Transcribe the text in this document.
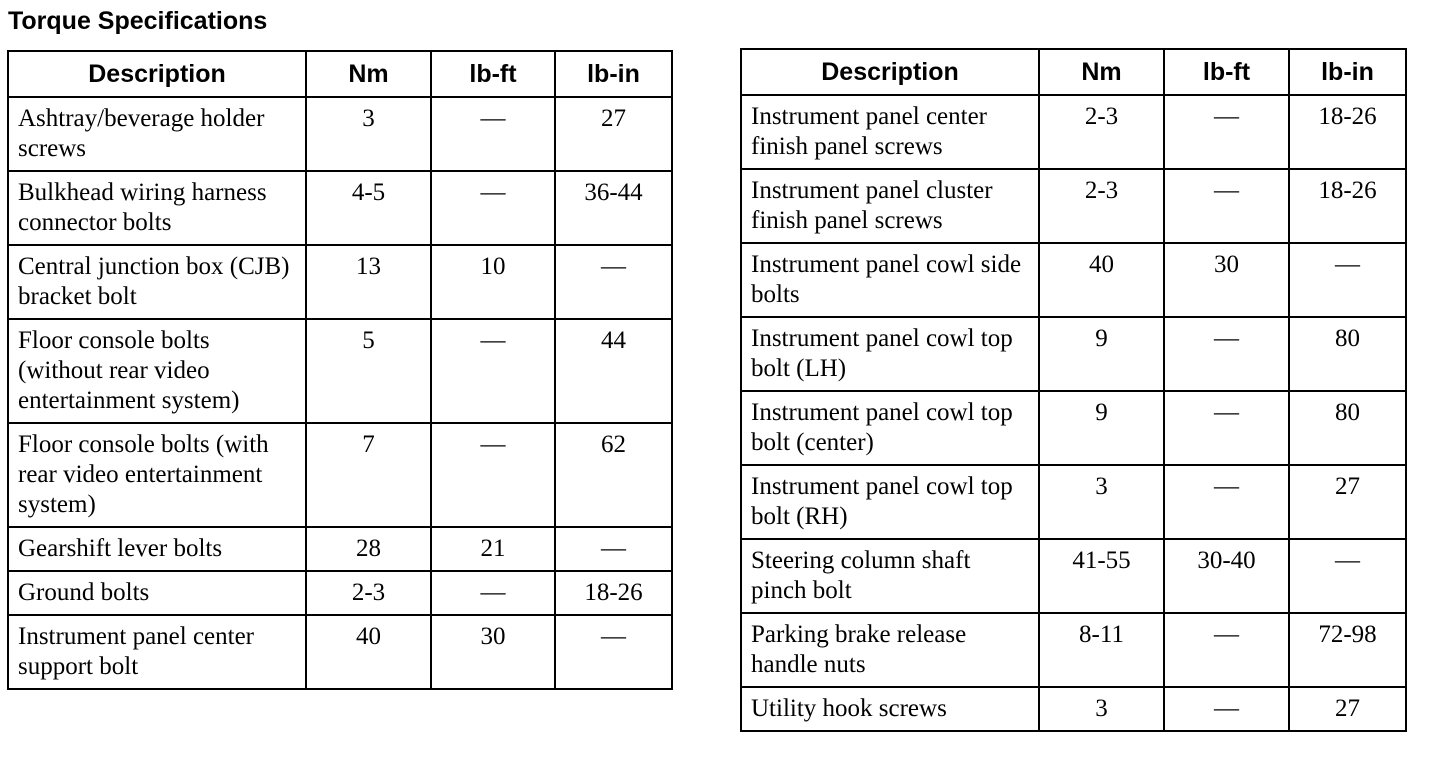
Torque Specifications
Description	Nm	lb-ft	lb-in
Ashtray/beverage holder screws	3	—	27
Bulkhead wiring harness connector bolts	4-5	—	36-44
Central junction box (CJB) bracket bolt	13	10	—
Floor console bolts (without rear video entertainment system)	5	—	44
Floor console bolts (with rear video entertainment system)	7	—	62
Gearshift lever bolts	28	21	—
Ground bolts	2-3	—	18-26
Instrument panel center support bolt	40	30	—
Description	Nm	lb-ft	lb-in
Instrument panel center finish panel screws	2-3	—	18-26
Instrument panel cluster finish panel screws	2-3	—	18-26
Instrument panel cowl side bolts	40	30	—
Instrument panel cowl top bolt (LH)	9	—	80
Instrument panel cowl top bolt (center)	9	—	80
Instrument panel cowl top bolt (RH)	3	—	27
Steering column shaft pinch bolt	41-55	30-40	—
Parking brake release handle nuts	8-11	—	72-98
Utility hook screws	3	—	27
